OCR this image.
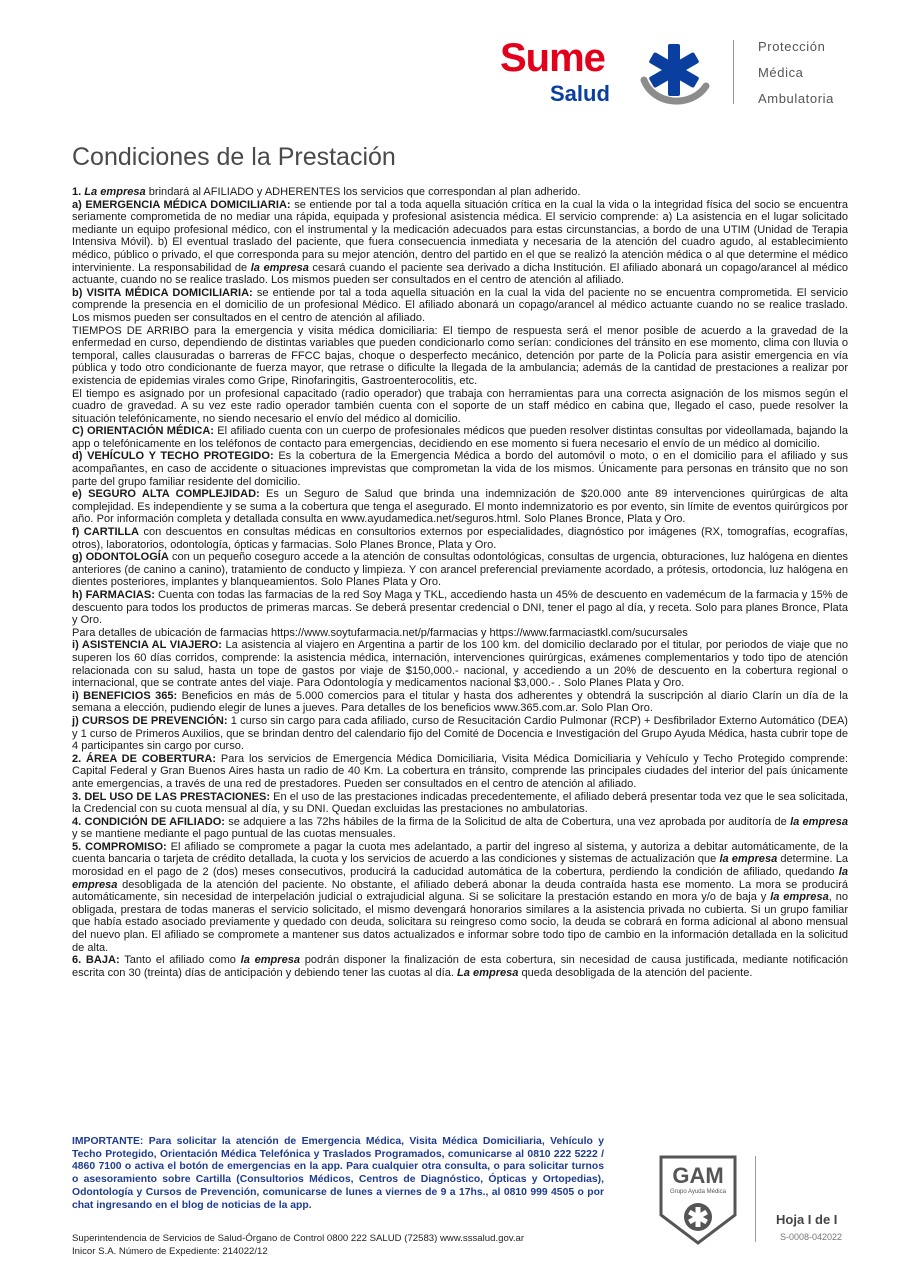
Sume
Salud
Protección
Médica
Ambulatoria
Condiciones de la Prestación

1. La empresa brindará al AFILIADO y ADHERENTES los servicios que correspondan al plan adherido.

a) EMERGENCIA MÉDICA DOMICILIARIA: se entiende por tal a toda aquella situación crítica en la cual la vida o la integridad física del socio se encuentra seriamente comprometida de no mediar una rápida, equipada y profesional asistencia médica. El servicio comprende: a) La asistencia en el lugar solicitado mediante un equipo profesional médico, con el instrumental y la medicación adecuados para estas circunstancias, a bordo de una UTIM (Unidad de Terapia Intensiva Móvil). b) El eventual traslado del paciente, que fuera consecuencia inmediata y necesaria de la atención del cuadro agudo, al establecimiento médico, público o privado, el que corresponda para su mejor atención, dentro del partido en el que se realizó la atención médica o al que determine el médico interviniente. La responsabilidad de la empresa cesará cuando el paciente sea derivado a dicha Institución. El afiliado abonará un copago/arancel al médico actuante, cuando no se realice traslado. Los mismos pueden ser consultados en el centro de atención al afiliado.

b) VISITA MÉDICA DOMICILIARIA: se entiende por tal a toda aquella situación en la cual la vida del paciente no se encuentra comprometida. El servicio comprende la presencia en el domicilio de un profesional Médico. El afiliado abonará un copago/arancel al médico actuante cuando no se realice traslado. Los mismos pueden ser consultados en el centro de atención al afiliado.

TIEMPOS DE ARRIBO para la emergencia y visita médica domiciliaria: El tiempo de respuesta será el menor posible de acuerdo a la gravedad de la enfermedad en curso, dependiendo de distintas variables que pueden condicionarlo como serían: condiciones del tránsito en ese momento, clima con lluvia o temporal, calles clausuradas o barreras de FFCC bajas, choque o desperfecto mecánico, detención por parte de la Policía para asistir emergencia en vía pública y todo otro condicionante de fuerza mayor, que retrase o dificulte la llegada de la ambulancia; además de la cantidad de prestaciones a realizar por existencia de epidemias virales como Gripe, Rinofaringitis, Gastroenterocolitis, etc.

El tiempo es asignado por un profesional capacitado (radio operador) que trabaja con herramientas para una correcta asignación de los mismos según el cuadro de gravedad. A su vez este radio operador también cuenta con el soporte de un staff médico en cabina que, llegado el caso, puede resolver la situación telefónicamente, no siendo necesario el envío del médico al domicilio.

C) ORIENTACIÓN MÉDICA: El afiliado cuenta con un cuerpo de profesionales médicos que pueden resolver distintas consultas por videollamada, bajando la app o telefónicamente en los teléfonos de contacto para emergencias, decidiendo en ese momento si fuera necesario el envío de un médico al domicilio.

d) VEHÍCULO Y TECHO PROTEGIDO: Es la cobertura de la Emergencia Médica a bordo del automóvil o moto, o en el domicilio para el afiliado y sus acompañantes, en caso de accidente o situaciones imprevistas que comprometan la vida de los mismos. Únicamente para personas en tránsito que no son parte del grupo familiar residente del domicilio.

e) SEGURO ALTA COMPLEJIDAD: Es un Seguro de Salud que brinda una indemnización de $20.000 ante 89 intervenciones quirúrgicas de alta complejidad. Es independiente y se suma a la cobertura que tenga el asegurado. El monto indemnizatorio es por evento, sin límite de eventos quirúrgicos por año. Por información completa y detallada consulta en www.ayudamedica.net/seguros.html. Solo Planes Bronce, Plata y Oro.

f) CARTILLA con descuentos en consultas médicas en consultorios externos por especialidades, diagnóstico por imágenes (RX, tomografías, ecografías, otros), laboratorios, odontología, ópticas y farmacias. Solo Planes Bronce, Plata y Oro.

g) ODONTOLOGÍA con un pequeño coseguro accede a la atención de consultas odontológicas, consultas de urgencia, obturaciones, luz halógena en dientes anteriores (de canino a canino), tratamiento de conducto y limpieza. Y con arancel preferencial previamente acordado, a prótesis, ortodoncia, luz halógena en dientes posteriores, implantes y blanqueamientos. Solo Planes Plata y Oro.

h) FARMACIAS: Cuenta con todas las farmacias de la red Soy Maga y TKL, accediendo hasta un 45% de descuento en vademécum de la farmacia y 15% de descuento para todos los productos de primeras marcas. Se deberá presentar credencial o DNI, tener el pago al día, y receta. Solo para planes Bronce, Plata y Oro.

Para detalles de ubicación de farmacias https://www.soytufarmacia.net/p/farmacias y https://www.farmaciastkl.com/sucursales

i) ASISTENCIA AL VIAJERO: La asistencia al viajero en Argentina a partir de los 100 km. del domicilio declarado por el titular, por periodos de viaje que no superen los 60 días corridos, comprende: la asistencia médica, internación, intervenciones quirúrgicas, exámenes complementarios y todo tipo de atención relacionada con su salud, hasta un tope de gastos por viaje de $150,000.- nacional, y accediendo a un 20% de descuento en la cobertura regional o internacional, que se contrate antes del viaje. Para Odontología y medicamentos nacional $3,000.- . Solo Planes Plata y Oro.

i) BENEFICIOS 365: Beneficios en más de 5.000 comercios para el titular y hasta dos adherentes y obtendrá la suscripción al diario Clarín un día de la semana a elección, pudiendo elegir de lunes a jueves. Para detalles de los beneficios www.365.com.ar. Solo Plan Oro.

j) CURSOS DE PREVENCIÓN: 1 curso sin cargo para cada afiliado, curso de Resucitación Cardio Pulmonar (RCP) + Desfibrilador Externo Automático (DEA) y 1 curso de Primeros Auxilios, que se brindan dentro del calendario fijo del Comité de Docencia e Investigación del Grupo Ayuda Médica, hasta cubrir tope de 4 participantes sin cargo por curso.

2. ÁREA DE COBERTURA: Para los servicios de Emergencia Médica Domiciliaria, Visita Médica Domiciliaria y Vehículo y Techo Protegido comprende: Capital Federal y Gran Buenos Aires hasta un radio de 40 Km. La cobertura en tránsito, comprende las principales ciudades del interior del país únicamente ante emergencias, a través de una red de prestadores. Pueden ser consultados en el centro de atención al afiliado.

3. DEL USO DE LAS PRESTACIONES: En el uso de las prestaciones indicadas precedentemente, el afiliado deberá presentar toda vez que le sea solicitada, la Credencial con su cuota mensual al día, y su DNI. Quedan excluidas las prestaciones no ambulatorias.

4. CONDICIÓN DE AFILIADO: se adquiere a las 72hs hábiles de la firma de la Solicitud de alta de Cobertura, una vez aprobada por auditoría de la empresa y se mantiene mediante el pago puntual de las cuotas mensuales.

5. COMPROMISO: El afiliado se compromete a pagar la cuota mes adelantado, a partir del ingreso al sistema, y autoriza a debitar automáticamente, de la cuenta bancaria o tarjeta de crédito detallada, la cuota y los servicios de acuerdo a las condiciones y sistemas de actualización que la empresa determine. La morosidad en el pago de 2 (dos) meses consecutivos, producirá la caducidad automática de la cobertura, perdiendo la condición de afiliado, quedando la empresa desobligada de la atención del paciente. No obstante, el afiliado deberá abonar la deuda contraída hasta ese momento. La mora se producirá automáticamente, sin necesidad de interpelación judicial o extrajudicial alguna. Si se solicitare la prestación estando en mora y/o de baja y la empresa, no obligada, prestara de todas maneras el servicio solicitado, el mismo devengará honorarios similares a la asistencia privada no cubierta. Si un grupo familiar que había estado asociado previamente y quedado con deuda, solicitara su reingreso como socio, la deuda se cobrará en forma adicional al abono mensual del nuevo plan. El afiliado se compromete a mantener sus datos actualizados e informar sobre todo tipo de cambio en la información detallada en la solicitud de alta.

6. BAJA: Tanto el afiliado como la empresa podrán disponer la finalización de esta cobertura, sin necesidad de causa justificada, mediante notificación escrita con 30 (treinta) días de anticipación y debiendo tener las cuotas al día. La empresa queda desobligada de la atención del paciente.

IMPORTANTE: Para solicitar la atención de Emergencia Médica, Visita Médica Domiciliaria, Vehículo y Techo Protegido, Orientación Médica Telefónica y Traslados Programados, comunicarse al 0810 222 5222 / 4860 7100 o activa el botón de emergencias en la app. Para cualquier otra consulta, o para solicitar turnos o asesoramiento sobre Cartilla (Consultorios Médicos, Centros de Diagnóstico, Ópticas y Ortopedias), Odontología y Cursos de Prevención, comunicarse de lunes a viernes de 9 a 17hs., al 0810 999 4505 o por chat ingresando en el blog de noticias de la app.
Superintendencia de Servicios de Salud-Órgano de Control 0800 222 SALUD (72583) www.sssalud.gov.ar
Inicor S.A. Número de Expediente: 214022/12
GAM
Grupo Ayuda Médica
Hoja I de I
S-0008-042022
